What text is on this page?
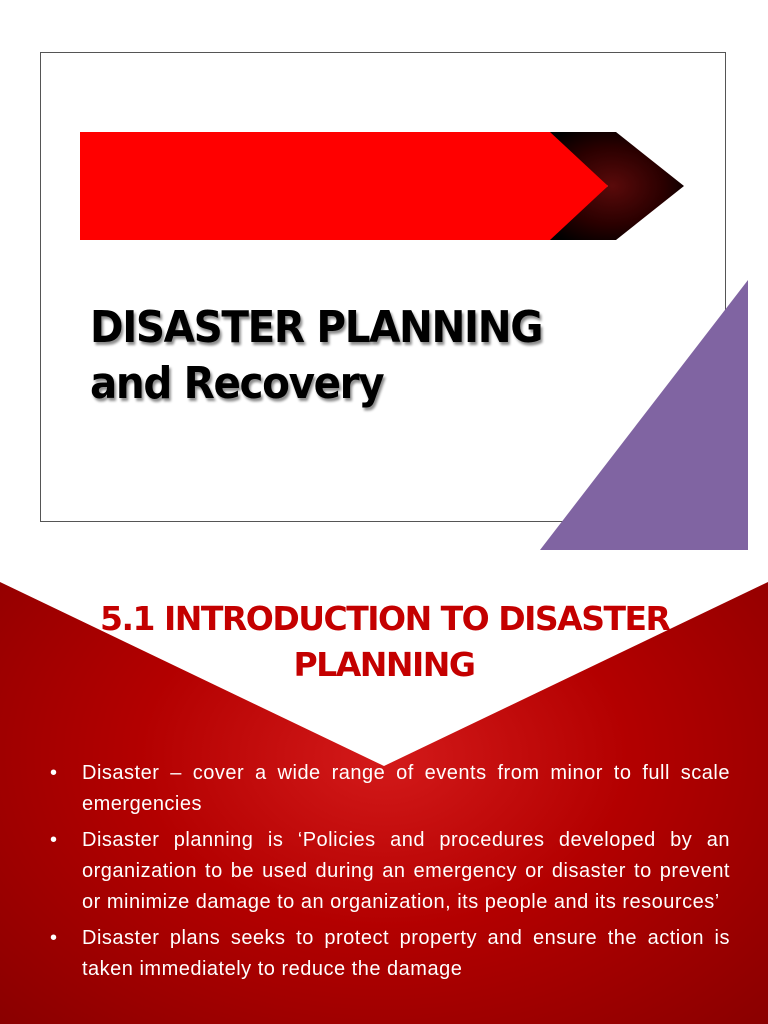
DISASTER PLANNING
and Recovery
5.1 INTRODUCTION TO DISASTER
PLANNING
• Disaster – cover a wide range of events from minor to full scale emergencies
• Disaster planning is ‘Policies and procedures developed by an organization to be used during an emergency or disaster to prevent or minimize damage to an organization, its people and its resources’
• Disaster plans seeks to protect property and ensure the action is taken immediately to reduce the damage
